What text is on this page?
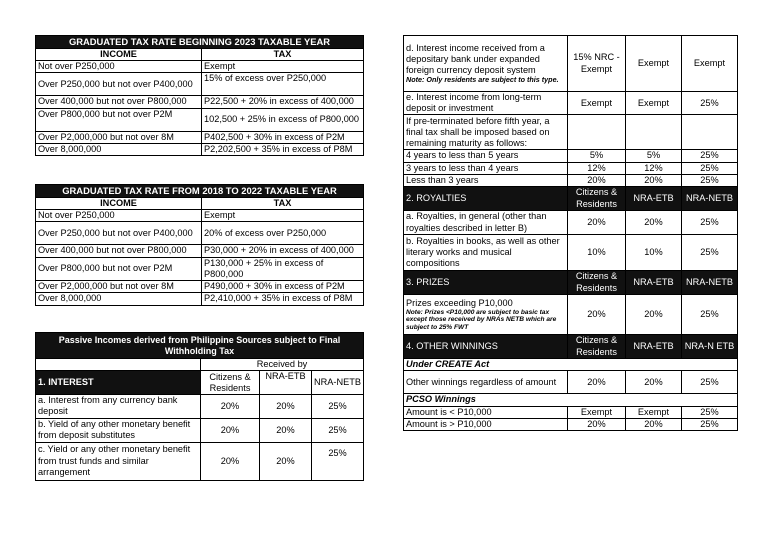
GRADUATED TAX RATE BEGINNING 2023 TAXABLE YEAR	
INCOME	TAX
Not over P250,000	Exempt
Over P250,000 but not over P400,000	15% of excess over P250,000
Over 400,000 but not over P800,000	P22,500 + 20% in excess of 400,000
Over P800,000 but not over P2M	102,500 + 25% in excess of P800,000
Over P2,000,000 but not over 8M	P402,500 + 30% in excess of P2M
Over 8,000,000	P2,202,500 + 35% in excess of P8M
GRADUATED TAX RATE FROM 2018 TO 2022 TAXABLE YEAR	
INCOME	TAX
Not over P250,000	Exempt
Over P250,000 but not over P400,000	20% of excess over P250,000
Over 400,000 but not over P800,000	P30,000 + 20% in excess of 400,000
Over P800,000 but not over P2M	P130,000 + 25% in excess of P800,000
Over P2,000,000 but not over 8M	P490,000 + 30% in excess of P2M
Over 8,000,000	P2,410,000 + 35% in excess of P8M
Passive Incomes derived from Philippine Sources subject to Final Withholding Tax			
	Received by		
1. INTEREST	Citizens & Residents	NRA-ETB	NRA-NETB
a. Interest from any currency bank deposit	20%	20%	25%
b. Yield of any other monetary benefit from deposit substitutes	20%	20%	25%
c. Yield or any other monetary benefit from trust funds and similar arrangement	20%	20%	25%
d. Interest income received from a depositary bank under expanded foreign currency deposit system
Note: Only residents are subject to this type.	15% NRC - Exempt	Exempt	Exempt
e. Interest income from long-term deposit or investment	Exempt	Exempt	25%
If pre-terminated before fifth year, a final tax shall be imposed based on remaining maturity as follows:			
4 years to less than 5 years	5%	5%	25%
3 years to less than 4 years	12%	12%	25%
Less than 3 years	20%	20%	25%
2. ROYALTIES	Citizens & Residents	NRA-ETB	NRA-NETB
a. Royalties, in general (other than royalties described in letter B)	20%	20%	25%
b. Royalties in books, as well as other literary works and musical compositions	10%	10%	25%
3. PRIZES	Citizens & Residents	NRA-ETB	NRA-NETB
Prizes exceeding P10,000
Note: Prizes <P10,000 are subject to basic tax except those received by NRAs NETB which are subject to 25% FWT	20%	20%	25%
4. OTHER WINNINGS	Citizens & Residents	NRA-ETB	NRA-N ETB
Under CREATE Act			
Other winnings regardless of amount	20%	20%	25%
PCSO Winnings			
Amount is < P10,000	Exempt	Exempt	25%
Amount is > P10,000	20%	20%	25%
